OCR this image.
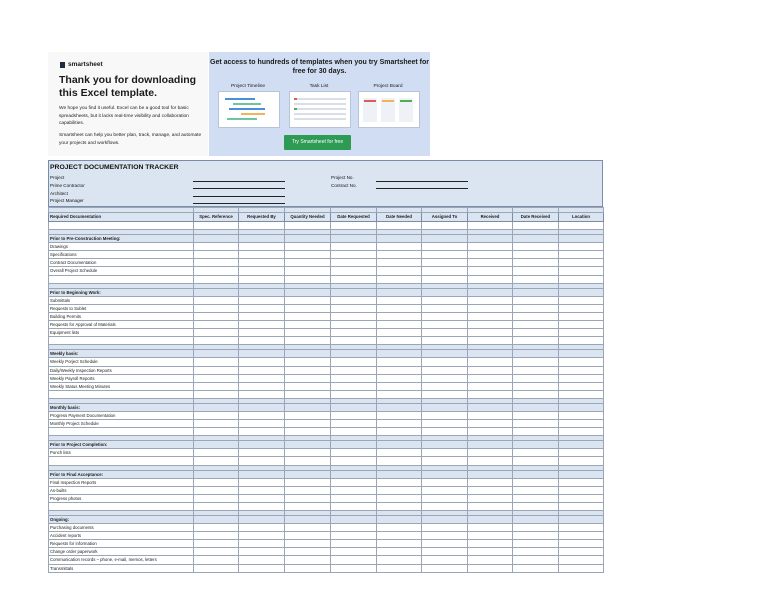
smartsheet
Thank you for downloading this Excel template.
We hope you find it useful. Excel can be a good tool for basic spreadsheets, but it lacks real-time visibility and collaboration capabilities.
Smartsheet can help you better plan, track, manage, and automate your projects and workflows.
Get access to hundreds of templates when you try Smartsheet for free for 30 days.
Project Timeline	Task List	Project Board
Try Smartsheet for free
PROJECT DOCUMENTATION TRACKER
Project
Prime Contractor
Architect
Project Manager
Project No.
Contract No.

Required Documentation	Spec. Reference	Requested By	Quantity Needed	Date Requested	Date Needed	Assigned To	Received	Date Received	Location

Prior to Pre-Construction Meeting:									
Drawings									
Specifications									
Contract Documentation									
Overall Project Schedule									

Prior to Beginning Work:									
Submittals									
Requests to Sublet									
Building Permits									
Requests for Approval of Materials									
Equipment lists									

Weekly basis:									
Weekly Porject Schedule									
Daily/Weekly Inspection Reports									
Weekly Payroll Reports									
Weekly Status Meeting Minutes									

Monthly basis:									
Progress Payment Documentation									
Monthly Project Schedule									

Prior to Project Completion:									
Punch lists									

Prior to Final Acceptance:									
Final Inspection Reports									
As-builts									
Progress photos									

Ongoing:									
Purchasing documents									
Accident reports									
Requests for information									
Change order paperwork									
Communication records – phone, e-mail, memos, letters									
Transmittals									
